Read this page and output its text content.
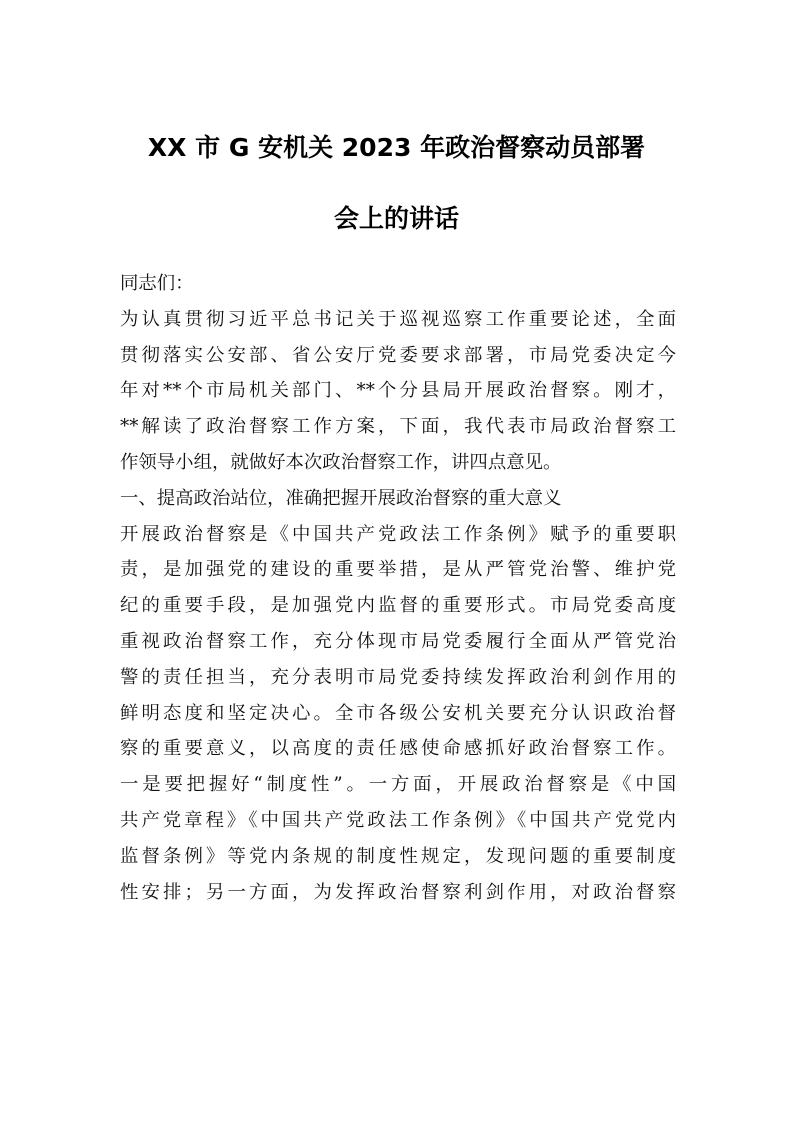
XX 市 G 安机关 2023 年政治督察动员部署
会上的讲话

同志们：

为认真贯彻习近平总书记关于巡视巡察工作重要论述，全面

贯彻落实公安部、省公安厅党委要求部署，市局党委决定今

年对**个市局机关部门、**个分县局开展政治督察。刚才，

**解读了政治督察工作方案，下面，我代表市局政治督察工

作领导小组，就做好本次政治督察工作，讲四点意见。

一、提高政治站位，准确把握开展政治督察的重大意义

开展政治督察是《中国共产党政法工作条例》赋予的重要职

责，是加强党的建设的重要举措，是从严管党治警、维护党

纪的重要手段，是加强党内监督的重要形式。市局党委高度

重视政治督察工作，充分体现市局党委履行全面从严管党治

警的责任担当，充分表明市局党委持续发挥政治利剑作用的

鲜明态度和坚定决心。全市各级公安机关要充分认识政治督

察的重要意义，以高度的责任感使命感抓好政治督察工作。

一是要把握好“制度性”。一方面，开展政治督察是《中国

共产党章程》《中国共产党政法工作条例》《中国共产党党内

监督条例》等党内条规的制度性规定，发现问题的重要制度

性安排；另一方面，为发挥政治督察利剑作用，对政治督察
